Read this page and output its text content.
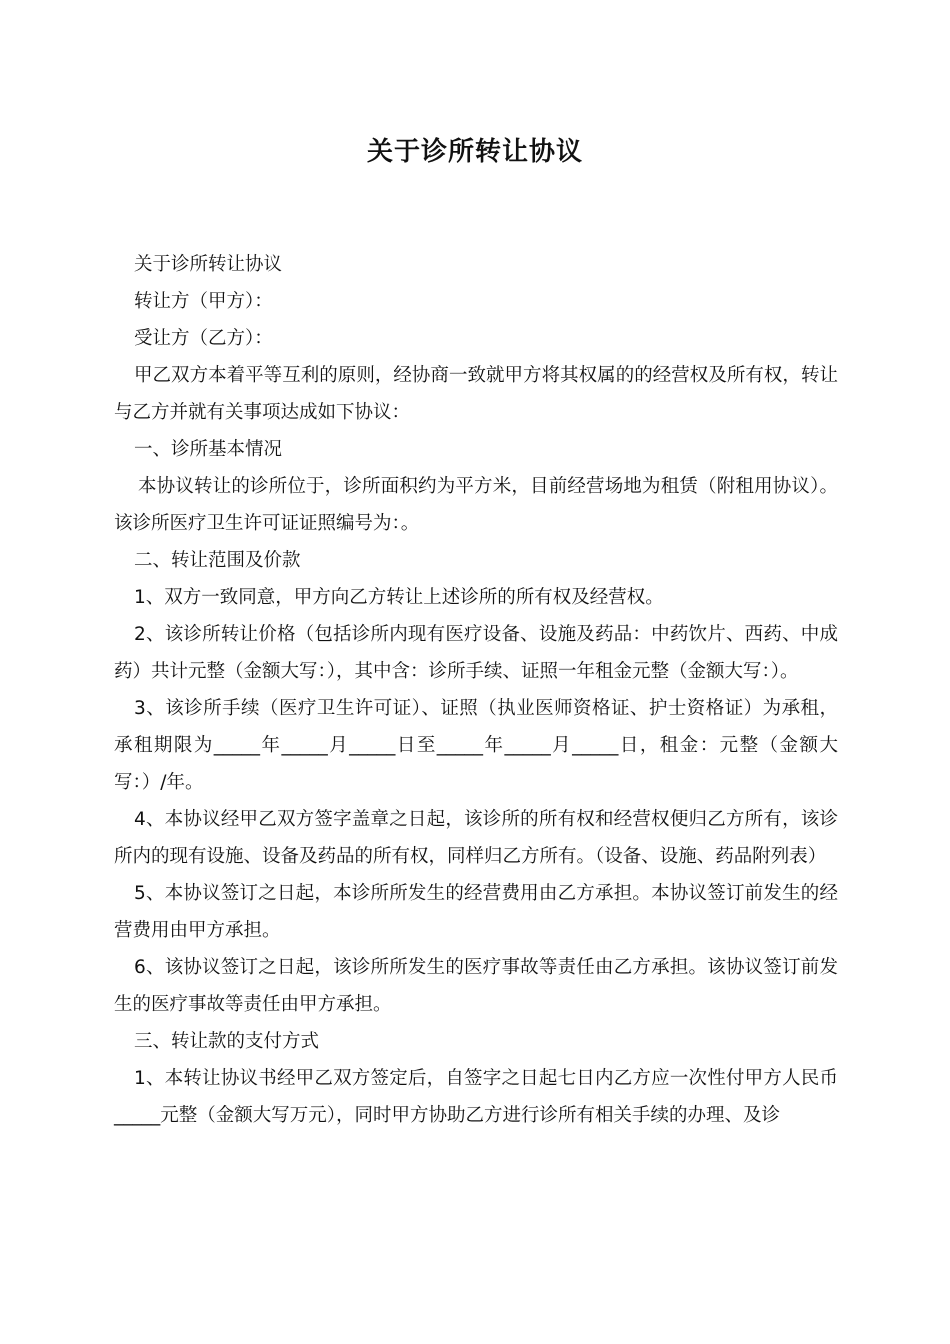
关于诊所转让协议

关于诊所转让协议

转让方（甲方）：

受让方（乙方）：

甲乙双方本着平等互利的原则，经协商一致就甲方将其权属的的经营权及所有权，转让与乙方并就有关事项达成如下协议：

一、诊所基本情况

本协议转让的诊所位于，诊所面积约为平方米，目前经营场地为租赁（附租用协议）。该诊所医疗卫生许可证证照编号为：。

二、转让范围及价款

1、双方一致同意，甲方向乙方转让上述诊所的所有权及经营权。

2、该诊所转让价格（包括诊所内现有医疗设备、设施及药品：中药饮片、西药、中成药）共计元整（金额大写：），其中含：诊所手续、证照一年租金元整（金额大写：）。

3、该诊所手续（医疗卫生许可证）、证照（执业医师资格证、护士资格证）为承租，承租期限为_____年_____月_____日至_____年_____月_____日，租金：元整（金额大写：）/年。

4、本协议经甲乙双方签字盖章之日起，该诊所的所有权和经营权便归乙方所有，该诊所内的现有设施、设备及药品的所有权，同样归乙方所有。（设备、设施、药品附列表）

5、本协议签订之日起，本诊所所发生的经营费用由乙方承担。本协议签订前发生的经营费用由甲方承担。

6、该协议签订之日起，该诊所所发生的医疗事故等责任由乙方承担。该协议签订前发生的医疗事故等责任由甲方承担。

三、转让款的支付方式

1、本转让协议书经甲乙双方签定后，自签字之日起七日内乙方应一次性付甲方人民币_____元整（金额大写万元），同时甲方协助乙方进行诊所有相关手续的办理、及诊
